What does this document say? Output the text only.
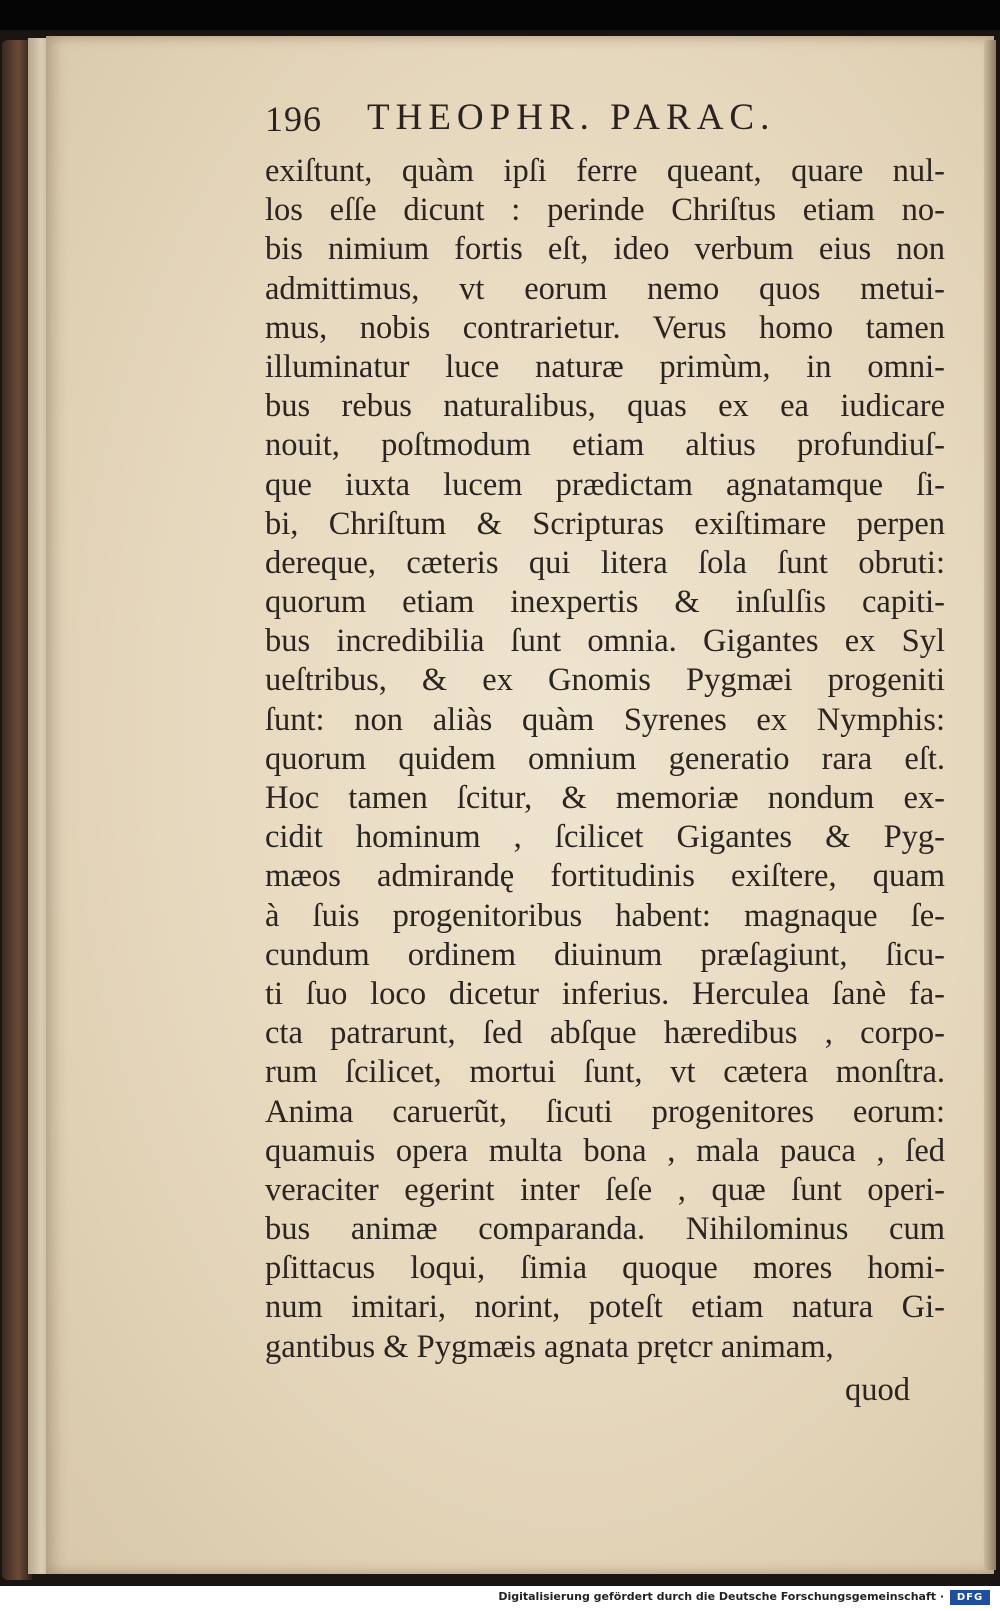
196 THEOPHR. PARAC.
exiſtunt, quàm ipſi ferre queant, quare nul-
los eſſe dicunt : perinde Chriſtus etiam no-
bis nimium fortis eſt, ideo verbum eius non
admittimus, vt eorum nemo quos metui-
mus, nobis contrarietur. Verus homo tamen
illuminatur luce naturæ primùm, in omni-
bus rebus naturalibus, quas ex ea iudicare
nouit, poſtmodum etiam altius profundiuſ-
que iuxta lucem prædictam agnatamque ſi-
bi, Chriſtum & Scripturas exiſtimare perpen
dereque, cæteris qui litera ſola ſunt obruti:
quorum etiam inexpertis & inſulſis capiti-
bus incredibilia ſunt omnia. Gigantes ex Syl
ueſtribus, & ex Gnomis Pygmæi progeniti
ſunt: non aliàs quàm Syrenes ex Nymphis:
quorum quidem omnium generatio rara eſt.
Hoc tamen ſcitur, & memoriæ nondum ex-
cidit hominum , ſcilicet Gigantes & Pyg-
mæos admirandę fortitudinis exiſtere, quam
à ſuis progenitoribus habent: magnaque ſe-
cundum ordinem diuinum præſagiunt, ſicu-
ti ſuo loco dicetur inferius. Herculea ſanè fa-
cta patrarunt, ſed abſque hæredibus , corpo-
rum ſcilicet, mortui ſunt, vt cætera monſtra.
Anima caruerũt, ſicuti progenitores eorum:
quamuis opera multa bona , mala pauca , ſed
veraciter egerint inter ſeſe , quæ ſunt operi-
bus animæ comparanda. Nihilominus cum
pſittacus loqui, ſimia quoque mores homi-
num imitari, norint, poteſt etiam natura Gi-
gantibus & Pygmæis agnata prętcr animam,
quod
Digitalisierung gefördert durch die Deutsche Forschungsgemeinschaft ·	DFG
